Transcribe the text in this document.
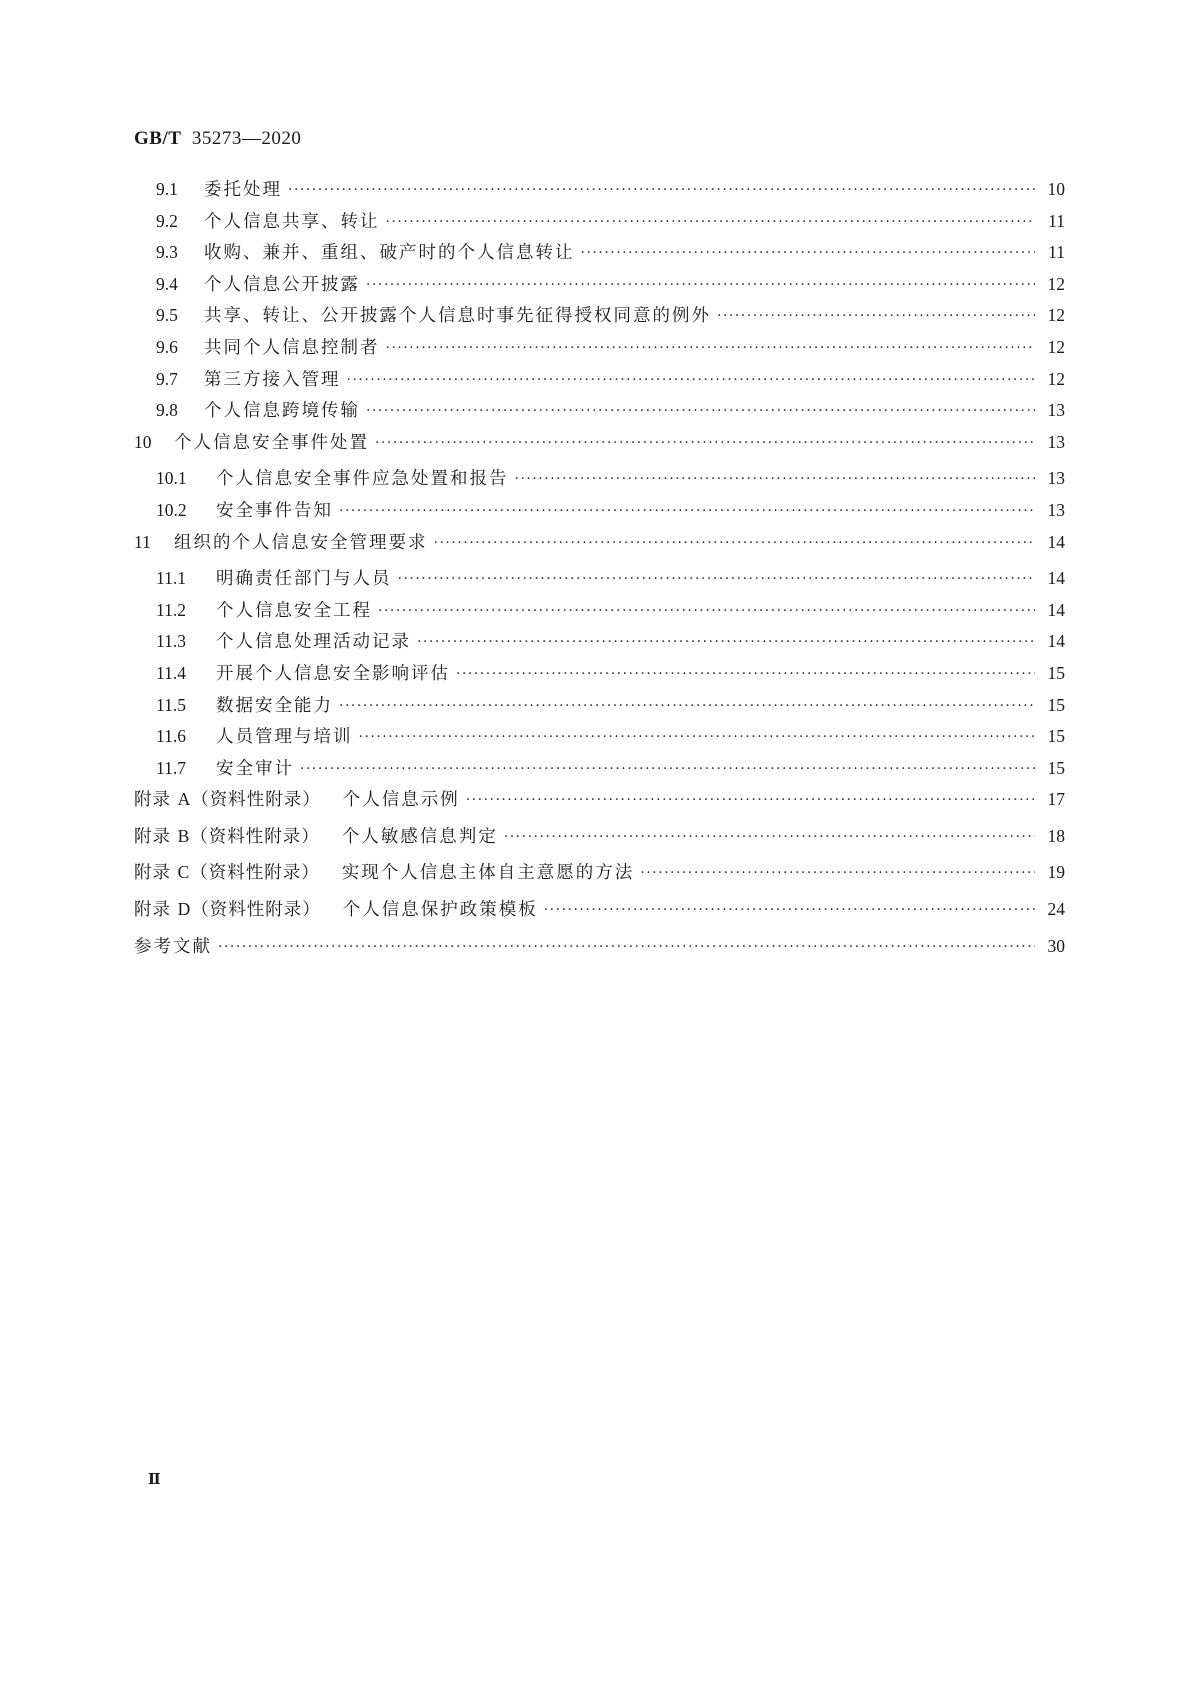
GB/T 35273—2020
9.1	委托处理 ·····	10
9.2	个人信息共享、转让 ·····	11
9.3	收购、兼并、重组、破产时的个人信息转让 ·····	11
9.4	个人信息公开披露 ·····	12
9.5	共享、转让、公开披露个人信息时事先征得授权同意的例外 ·····	12
9.6	共同个人信息控制者 ·····	12
9.7	第三方接入管理 ·····	12
9.8	个人信息跨境传输 ·····	13
10	个人信息安全事件处置 ·····	13
10.1	个人信息安全事件应急处置和报告 ·····	13
10.2	安全事件告知 ·····	13
11	组织的个人信息安全管理要求 ·····	14
11.1	明确责任部门与人员 ·····	14
11.2	个人信息安全工程 ·····	14
11.3	个人信息处理活动记录 ·····	14
11.4	开展个人信息安全影响评估 ·····	15
11.5	数据安全能力 ·····	15
11.6	人员管理与培训 ·····	15
11.7	安全审计 ·····	15
附录 A（资料性附录） 个人信息示例 ·····	17
附录 B（资料性附录） 个人敏感信息判定 ·····	18
附录 C（资料性附录） 实现个人信息主体自主意愿的方法 ·····	19
附录 D（资料性附录） 个人信息保护政策模板 ·····	24
参考文献 ·····	30
Ⅱ
